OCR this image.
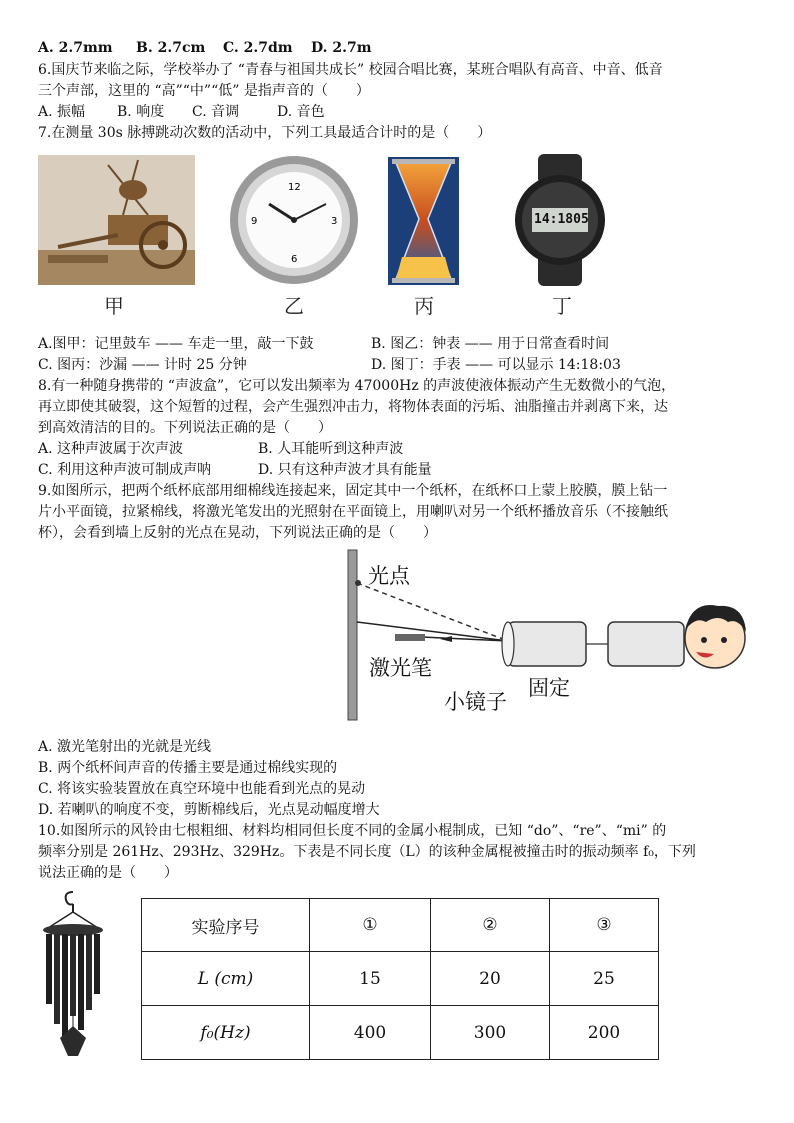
A. 2.7mm B. 2.7cm C. 2.7dm D. 2.7m
6.国庆节来临之际，学校举办了 “青春与祖国共成长” 校园合唱比赛，某班合唱队有高音、中音、低音
三个声部，这里的 “高”“中”“低” 是指声音的（　　）
A. 振幅 B. 响度 C. 音调	D. 音色
7.在测量 30s 脉搏跳动次数的活动中，下列工具最适合计时的是（　　）
甲
12
3
6
9
乙	丙
14:1805
丁
A.图甲：记里鼓车 —— 车走一里，敲一下鼓	B. 图乙：钟表 —— 用于日常查看时间
C. 图丙：沙漏 —— 计时 25 分钟	D. 图丁：手表 —— 可以显示 14:18:03
8.有一种随身携带的 “声波盒”，它可以发出频率为 47000Hz 的声波使液体振动产生无数微小的气泡，
再立即使其破裂，这个短暂的过程，会产生强烈冲击力，将物体表面的污垢、油脂撞击并剥离下来，达
到高效清洁的目的。下列说法正确的是（　　）
A. 这种声波属于次声波	B. 人耳能听到这种声波
C. 利用这种声波可制成声呐	D. 只有这种声波才具有能量
9.如图所示，把两个纸杯底部用细棉线连接起来，固定其中一个纸杯，在纸杯口上蒙上胶膜，膜上钻一
片小平面镜，拉紧棉线，将激光笔发出的光照射在平面镜上，用喇叭对另一个纸杯播放音乐（不接触纸
杯），会看到墙上反射的光点在晃动，下列说法正确的是（　　）
光点
激光笔
小镜子
固定
A. 激光笔射出的光就是光线
B. 两个纸杯间声音的传播主要是通过棉线实现的
C. 将该实验装置放在真空环境中也能看到光点的晃动
D. 若喇叭的响度不变，剪断棉线后，光点晃动幅度增大
10.如图所示的风铃由七根粗细、材料均相同但长度不同的金属小棍制成，已知 “do”、“re”、“mi” 的
频率分别是 261Hz、293Hz、329Hz。下表是不同长度（L）的该种金属棍被撞击时的振动频率 f₀，下列
说法正确的是（　　）
实验序号	①	②	③
L (cm)	15	20	25
f₀(Hz)	400	300	200
